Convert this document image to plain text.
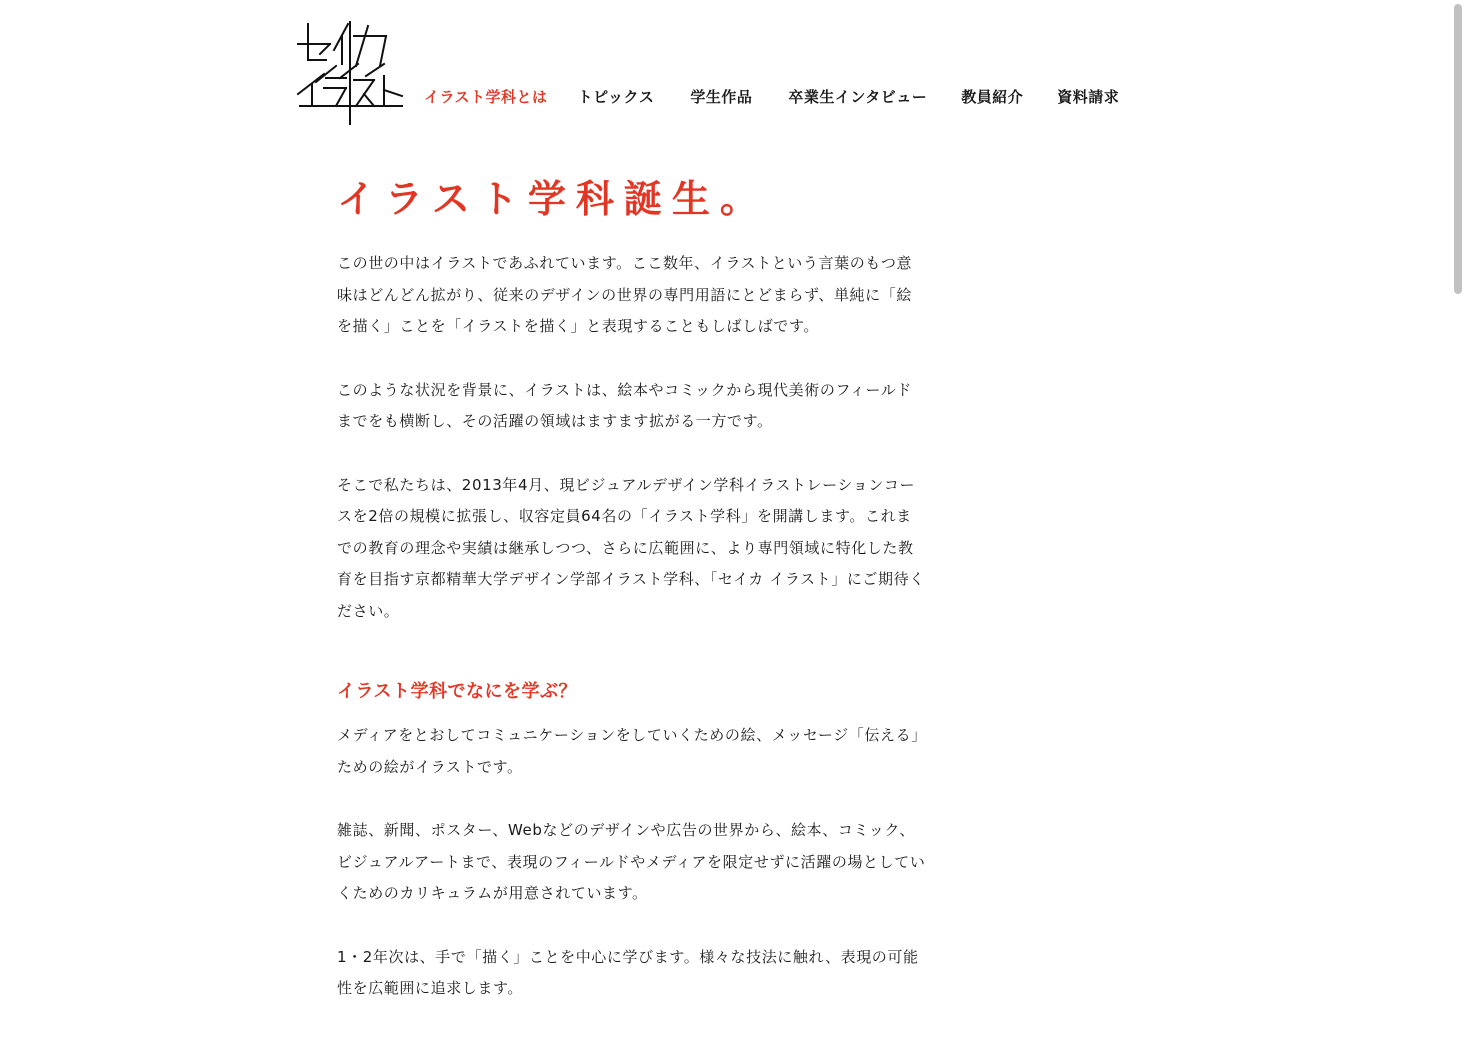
イラスト学科とは トピックス 学生作品 卒業生インタビュー 教員紹介 資料請求
イラスト学科誕生。

この世の中はイラストであふれています。ここ数年、イラストという言葉のもつ意味はどんどん拡がり、従来のデザインの世界の専門用語にとどまらず、単純に「絵を描く」ことを「イラストを描く」と表現することもしばしばです。

このような状況を背景に、イラストは、絵本やコミックから現代美術のフィールドまでをも横断し、その活躍の領域はますます拡がる一方です。

そこで私たちは、2013年4月、現ビジュアルデザイン学科イラストレーションコースを2倍の規模に拡張し、収容定員64名の「イラスト学科」を開講します。これまでの教育の理念や実績は継承しつつ、さらに広範囲に、より専門領域に特化した教育を目指す京都精華大学デザイン学部イラスト学科、「セイカ イラスト」にご期待ください。

イラスト学科でなにを学ぶ？

メディアをとおしてコミュニケーションをしていくための絵、メッセージ「伝える」ための絵がイラストです。

雑誌、新聞、ポスター、Webなどのデザインや広告の世界から、絵本、コミック、ビジュアルアートまで、表現のフィールドやメディアを限定せずに活躍の場としていくためのカリキュラムが用意されています。

1・2年次は、手で「描く」ことを中心に学びます。様々な技法に触れ、表現の可能性を広範囲に追求します。
